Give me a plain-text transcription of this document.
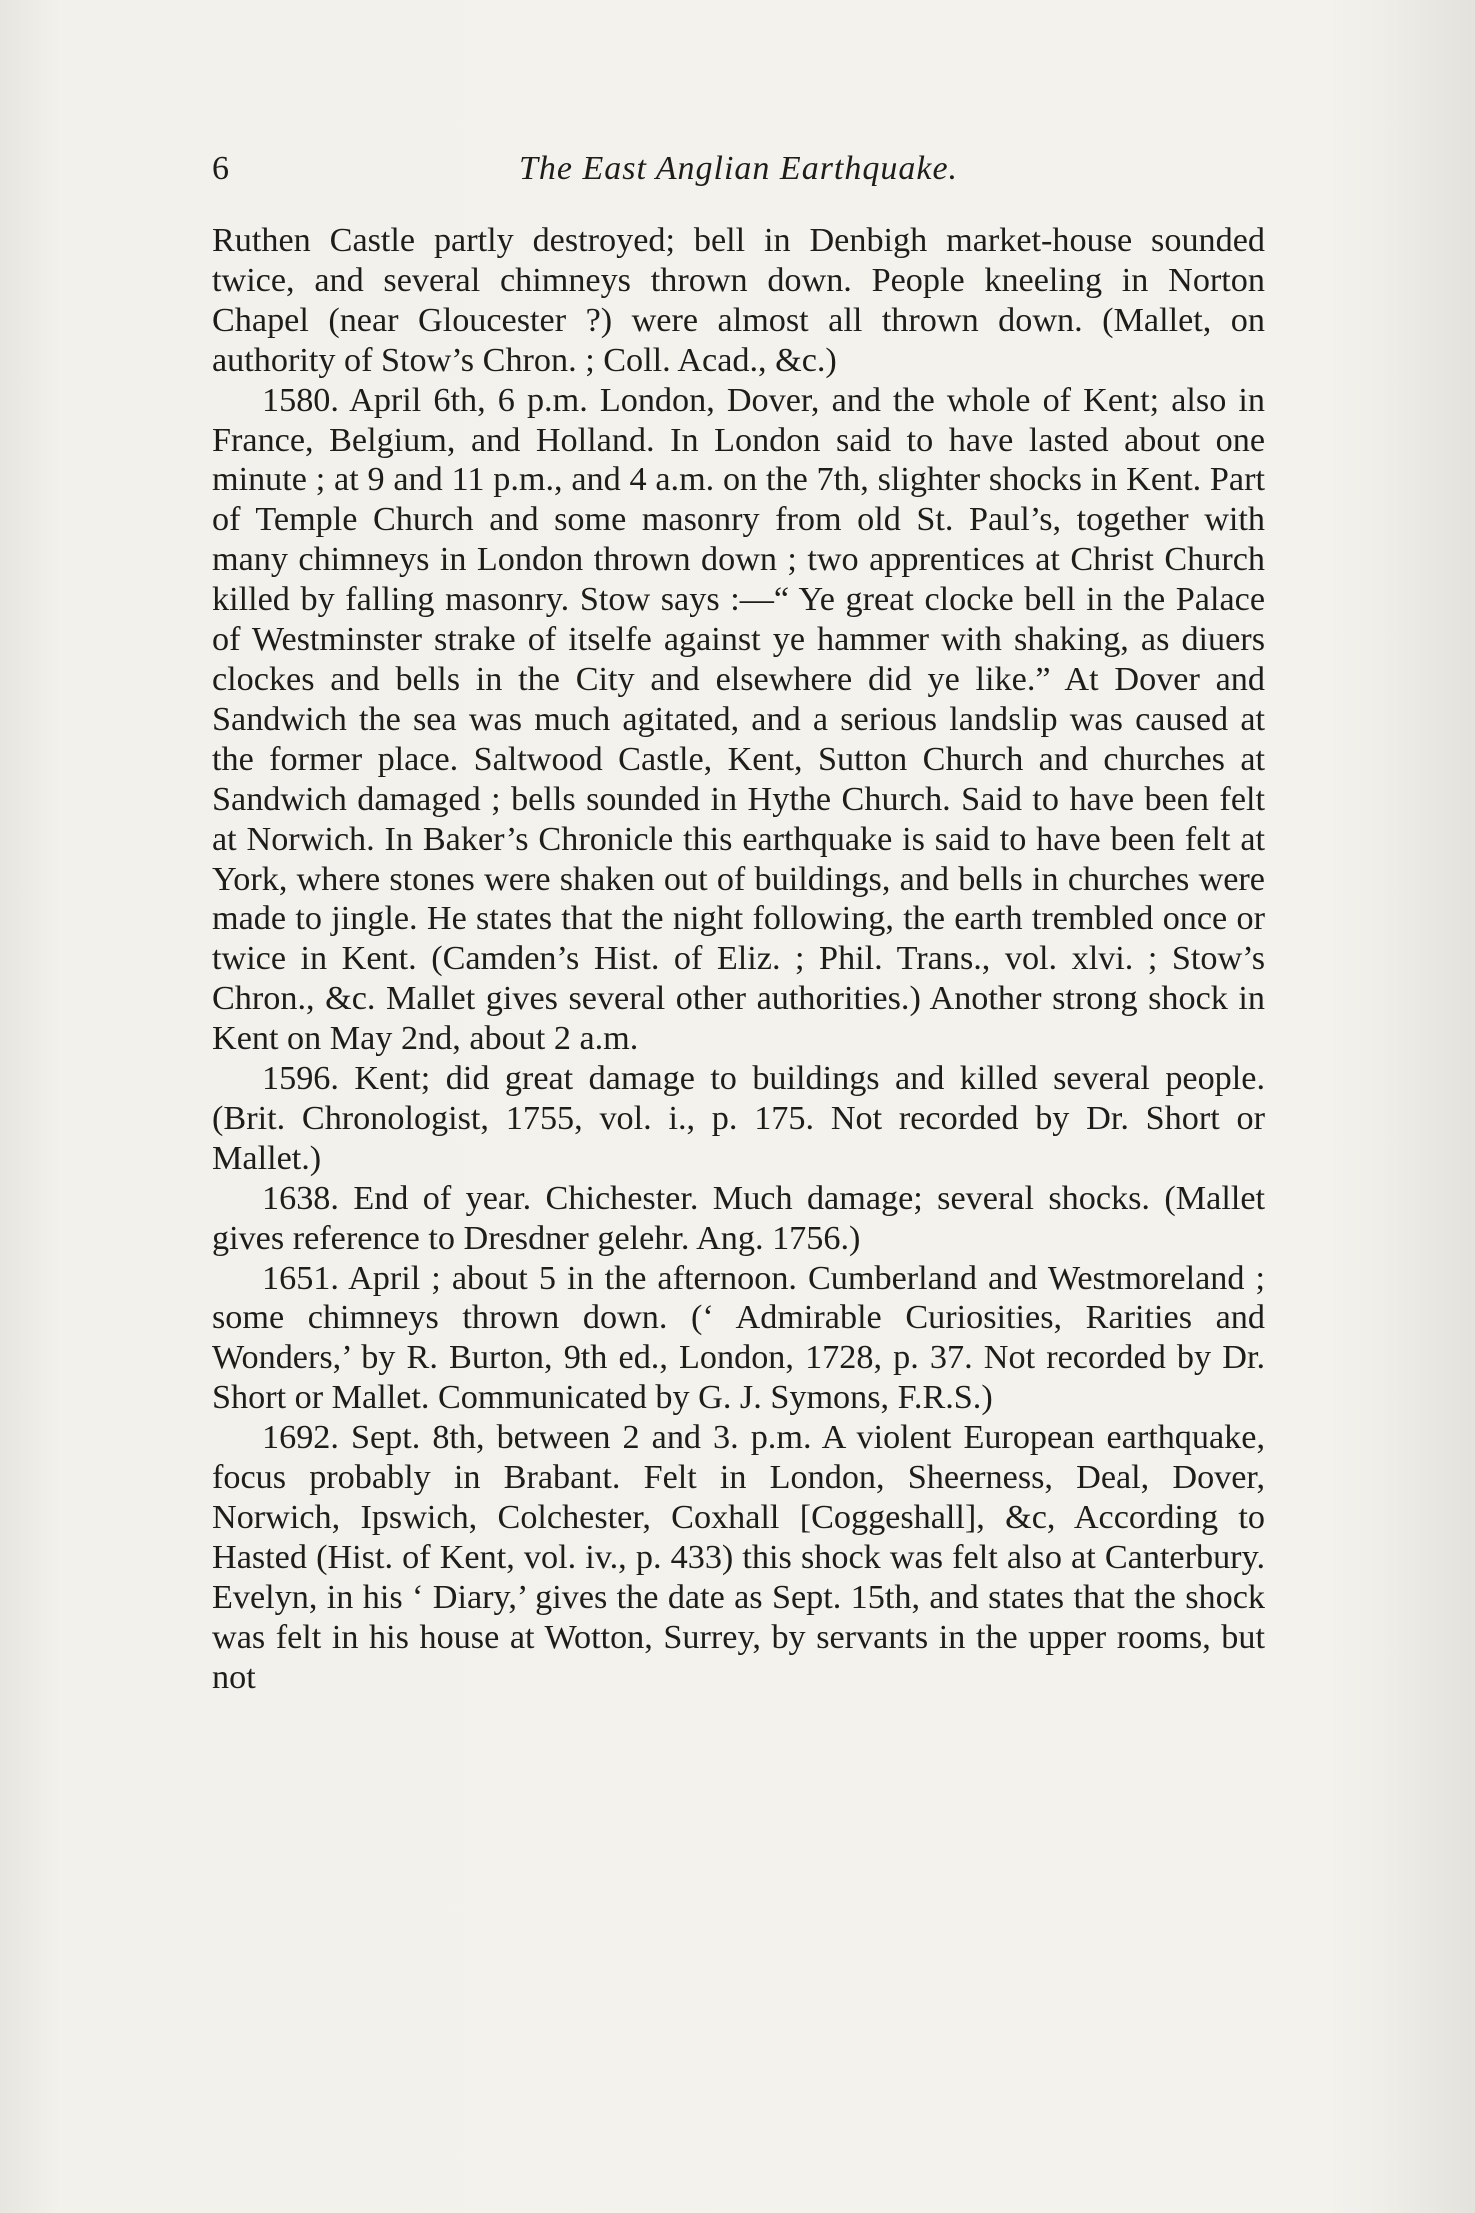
6	The East Anglian Earthquake.

Ruthen Castle partly destroyed; bell in Denbigh market-house sounded twice, and several chimneys thrown down. People kneeling in Norton Chapel (near Gloucester ?) were almost all thrown down. (Mallet, on authority of Stow’s Chron. ; Coll. Acad., &c.)

1580. April 6th, 6 p.m. London, Dover, and the whole of Kent; also in France, Belgium, and Holland. In London said to have lasted about one minute ; at 9 and 11 p.m., and 4 a.m. on the 7th, slighter shocks in Kent. Part of Temple Church and some masonry from old St. Paul’s, together with many chimneys in London thrown down ; two apprentices at Christ Church killed by falling masonry. Stow says :—“ Ye great clocke bell in the Palace of Westminster strake of itselfe against ye hammer with shaking, as diuers clockes and bells in the City and elsewhere did ye like.” At Dover and Sandwich the sea was much agitated, and a serious landslip was caused at the former place. Saltwood Castle, Kent, Sutton Church and churches at Sandwich damaged ; bells sounded in Hythe Church. Said to have been felt at Norwich. In Baker’s Chronicle this earthquake is said to have been felt at York, where stones were shaken out of buildings, and bells in churches were made to jingle. He states that the night following, the earth trembled once or twice in Kent. (Camden’s Hist. of Eliz. ; Phil. Trans., vol. xlvi. ; Stow’s Chron., &c. Mallet gives several other authorities.) Another strong shock in Kent on May 2nd, about 2 a.m.

1596. Kent; did great damage to buildings and killed several people. (Brit. Chronologist, 1755, vol. i., p. 175. Not recorded by Dr. Short or Mallet.)

1638. End of year. Chichester. Much damage; several shocks. (Mallet gives reference to Dresdner gelehr. Ang. 1756.)

1651. April ; about 5 in the afternoon. Cumberland and Westmoreland ; some chimneys thrown down. (‘ Admirable Curiosities, Rarities and Wonders,’ by R. Burton, 9th ed., London, 1728, p. 37. Not recorded by Dr. Short or Mallet. Communicated by G. J. Symons, F.R.S.)

1692. Sept. 8th, between 2 and 3. p.m. A violent European earthquake, focus probably in Brabant. Felt in London, Sheerness, Deal, Dover, Norwich, Ipswich, Colchester, Coxhall [Coggeshall], &c, According to Hasted (Hist. of Kent, vol. iv., p. 433) this shock was felt also at Canterbury. Evelyn, in his ‘ Diary,’ gives the date as Sept. 15th, and states that the shock was felt in his house at Wotton, Surrey, by servants in the upper rooms, but not
